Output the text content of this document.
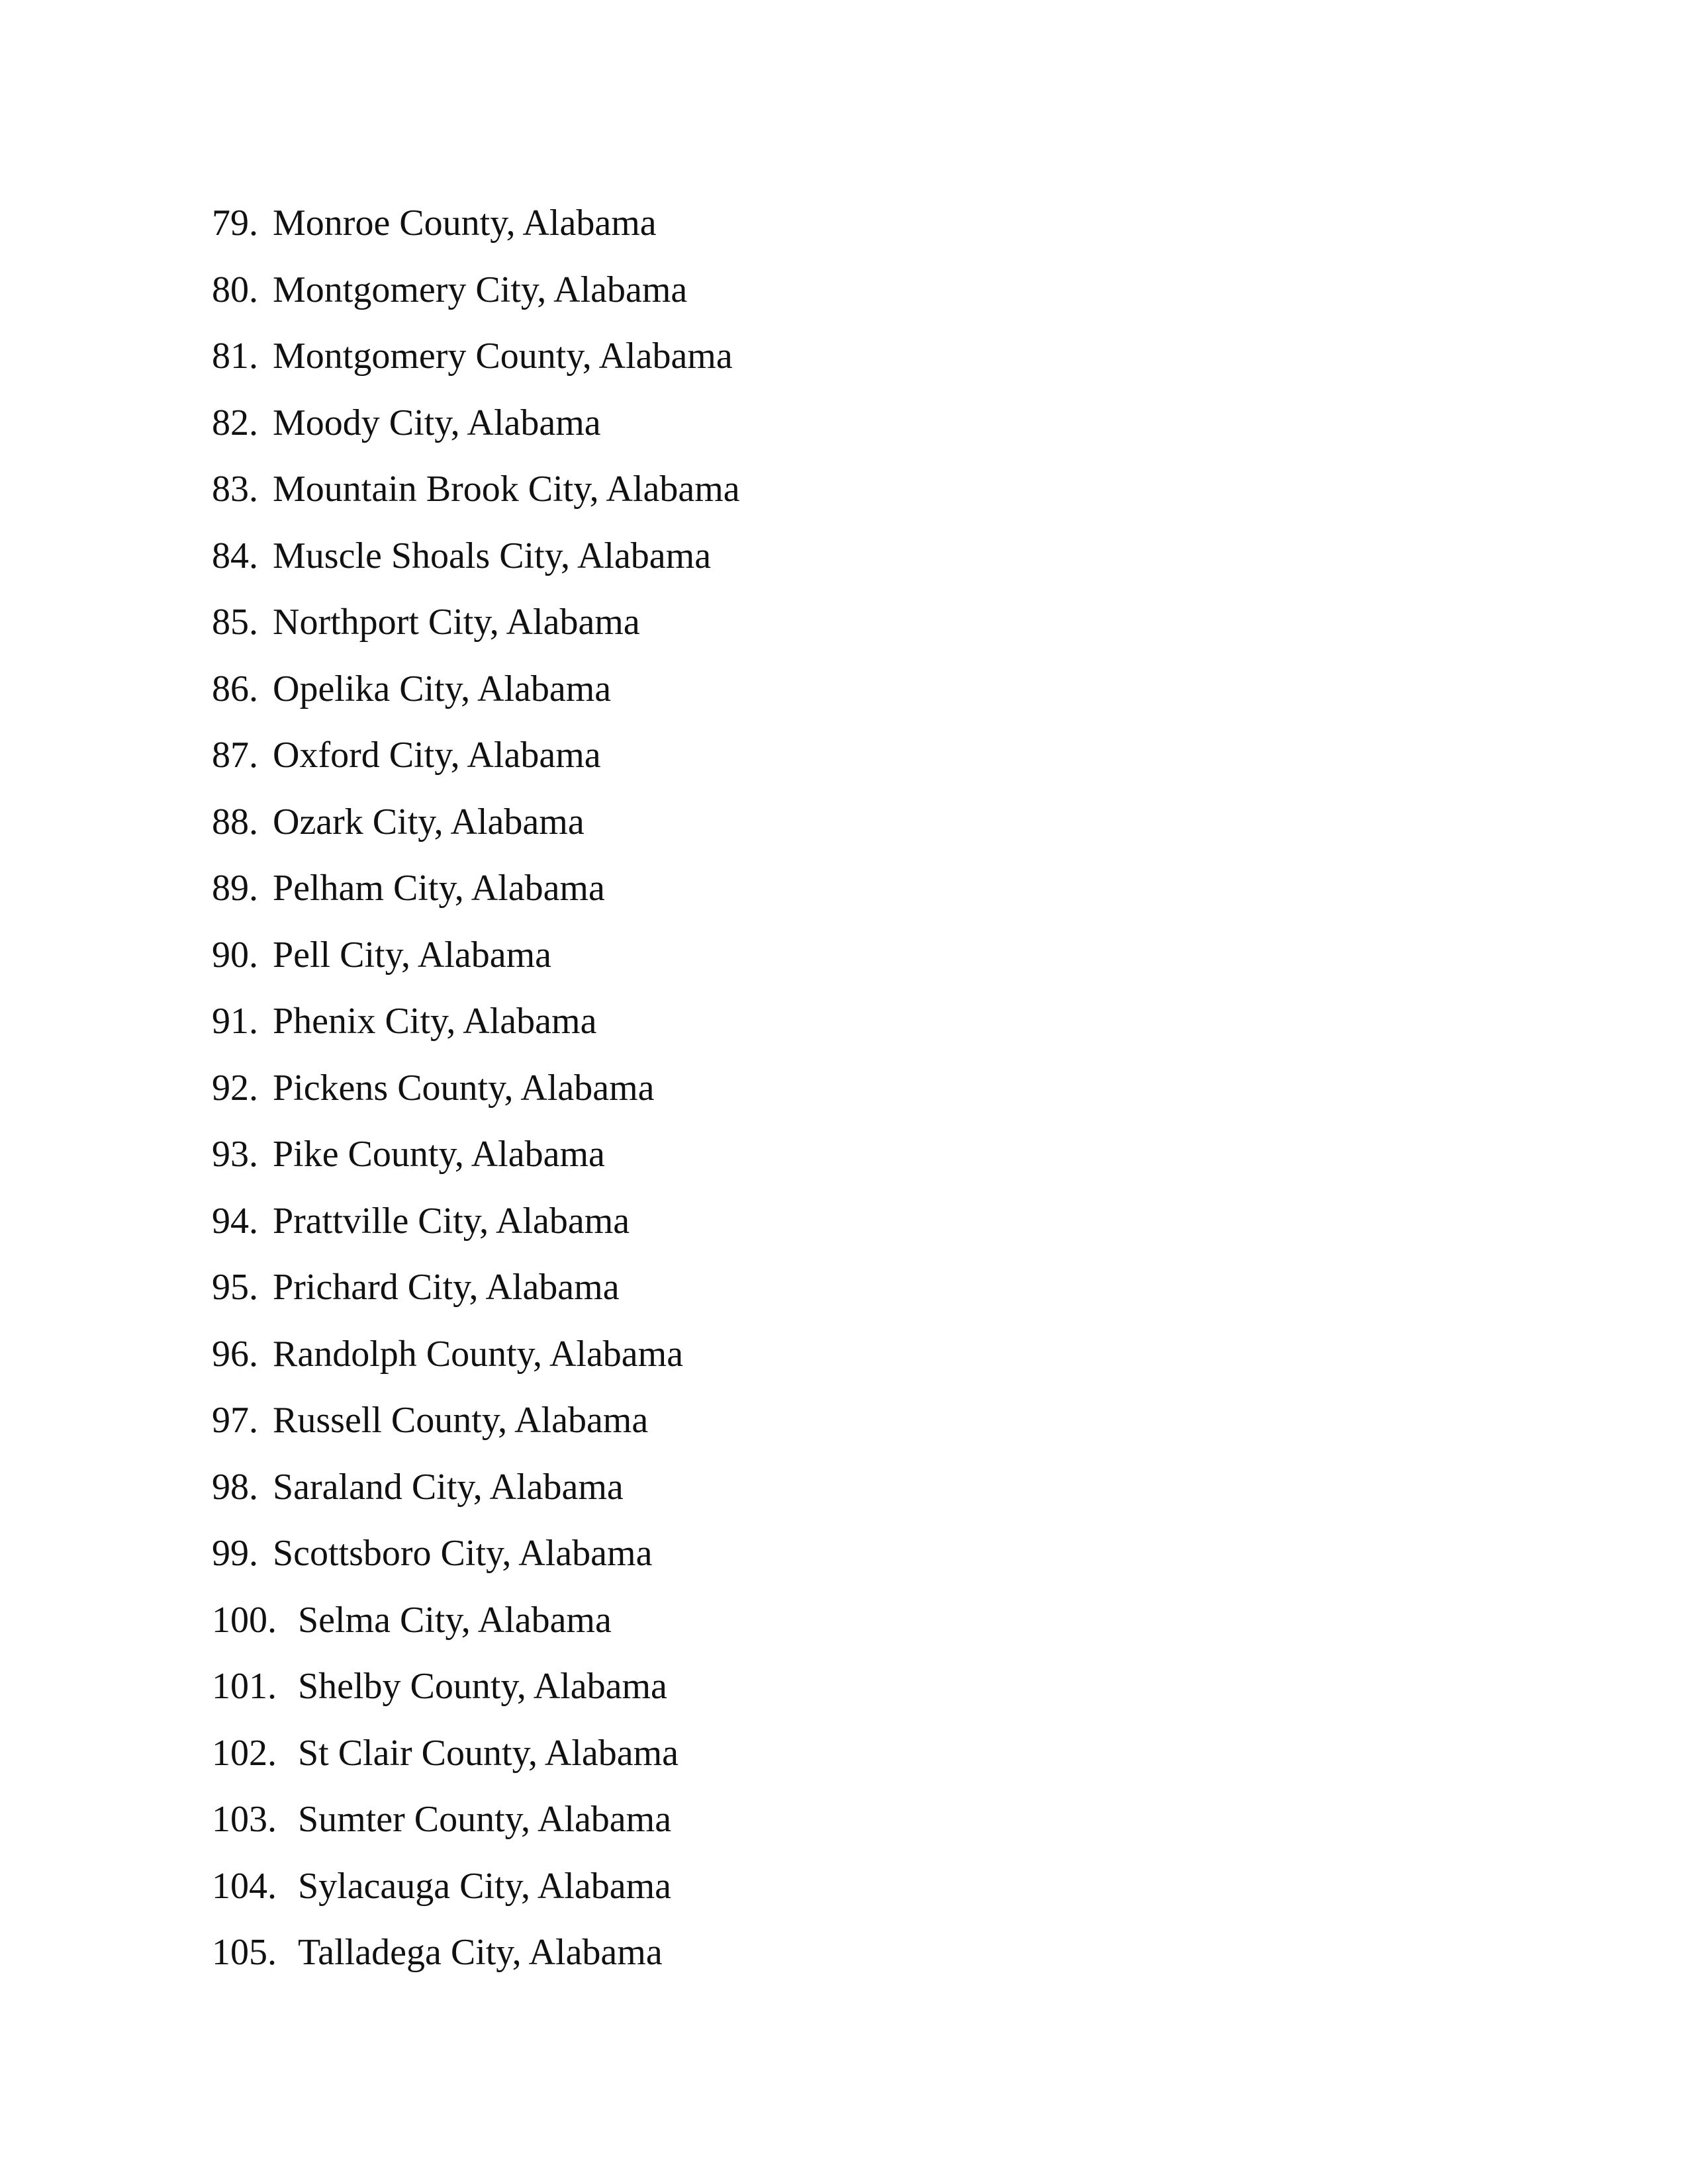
79. Monroe County, Alabama
80. Montgomery City, Alabama
81. Montgomery County, Alabama
82. Moody City, Alabama
83. Mountain Brook City, Alabama
84. Muscle Shoals City, Alabama
85. Northport City, Alabama
86. Opelika City, Alabama
87. Oxford City, Alabama
88. Ozark City, Alabama
89. Pelham City, Alabama
90. Pell City, Alabama
91. Phenix City, Alabama
92. Pickens County, Alabama
93. Pike County, Alabama
94. Prattville City, Alabama
95. Prichard City, Alabama
96. Randolph County, Alabama
97. Russell County, Alabama
98. Saraland City, Alabama
99. Scottsboro City, Alabama
100. Selma City, Alabama
101. Shelby County, Alabama
102. St Clair County, Alabama
103. Sumter County, Alabama
104. Sylacauga City, Alabama
105. Talladega City, Alabama
